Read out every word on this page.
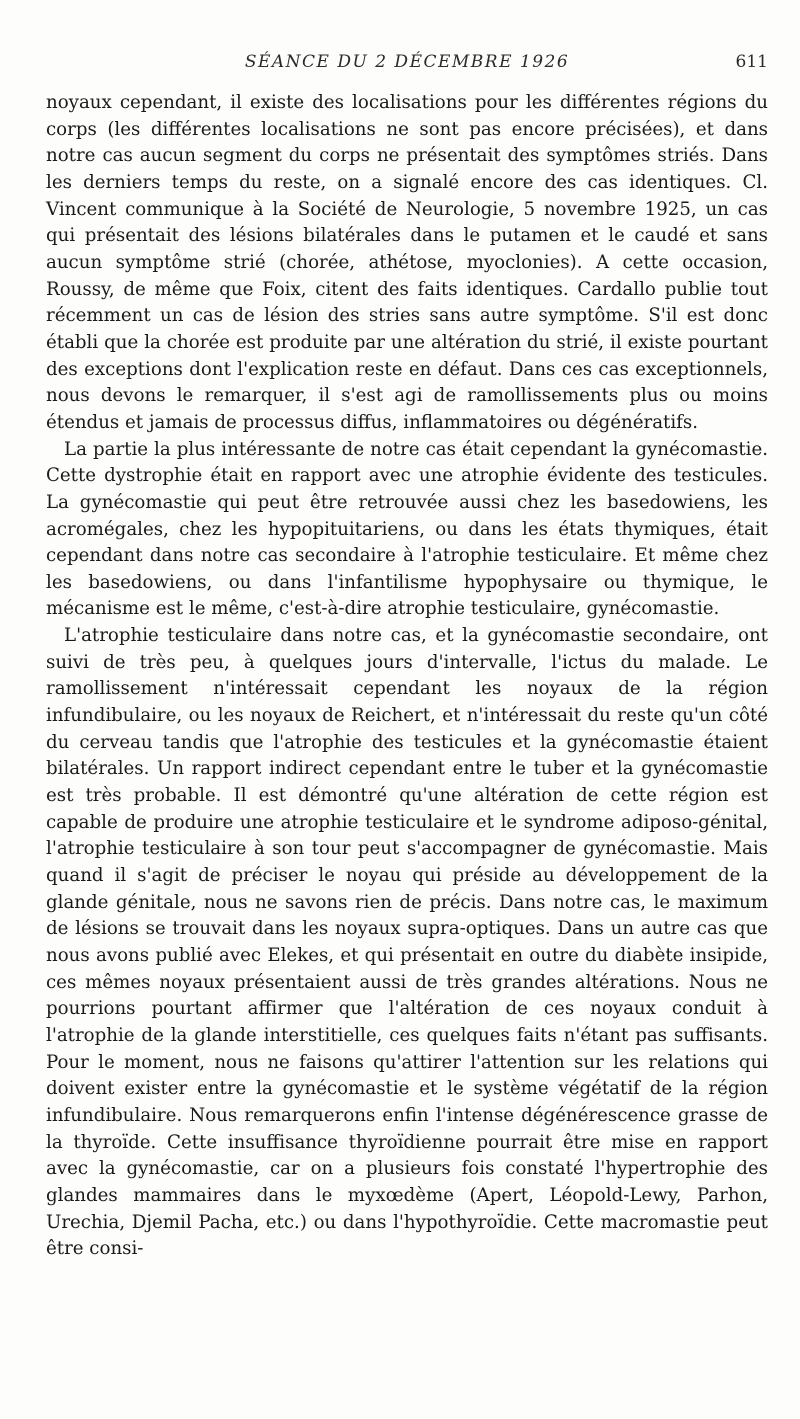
SÉANCE DU 2 DÉCEMBRE 1926	611

noyaux cependant, il existe des localisations pour les différentes régions du corps (les différentes localisations ne sont pas encore précisées), et dans notre cas aucun segment du corps ne présentait des symptômes striés. Dans les derniers temps du reste, on a signalé encore des cas identiques. Cl. Vincent communique à la Société de Neurologie, 5 novembre 1925, un cas qui présentait des lésions bilatérales dans le putamen et le caudé et sans aucun symptôme strié (chorée, athétose, myoclonies). A cette occasion, Roussy, de même que Foix, citent des faits identiques. Cardallo publie tout récemment un cas de lésion des stries sans autre symptôme. S'il est donc établi que la chorée est produite par une altération du strié, il existe pourtant des exceptions dont l'explication reste en défaut. Dans ces cas exceptionnels, nous devons le remarquer, il s'est agi de ramollissements plus ou moins étendus et jamais de processus diffus, inflammatoires ou dégénératifs.

La partie la plus intéressante de notre cas était cependant la gynécomastie. Cette dystrophie était en rapport avec une atrophie évidente des testicules. La gynécomastie qui peut être retrouvée aussi chez les basedowiens, les acromégales, chez les hypopituitariens, ou dans les états thymiques, était cependant dans notre cas secondaire à l'atrophie testiculaire. Et même chez les basedowiens, ou dans l'infantilisme hypophysaire ou thymique, le mécanisme est le même, c'est-à-dire atrophie testiculaire, gynécomastie.

L'atrophie testiculaire dans notre cas, et la gynécomastie secondaire, ont suivi de très peu, à quelques jours d'intervalle, l'ictus du malade. Le ramollissement n'intéressait cependant les noyaux de la région infundibulaire, ou les noyaux de Reichert, et n'intéressait du reste qu'un côté du cerveau tandis que l'atrophie des testicules et la gynécomastie étaient bilatérales. Un rapport indirect cependant entre le tuber et la gynécomastie est très probable. Il est démontré qu'une altération de cette région est capable de produire une atrophie testiculaire et le syndrome adiposo-génital, l'atrophie testiculaire à son tour peut s'accompagner de gynécomastie. Mais quand il s'agit de préciser le noyau qui préside au développement de la glande génitale, nous ne savons rien de précis. Dans notre cas, le maximum de lésions se trouvait dans les noyaux supra-optiques. Dans un autre cas que nous avons publié avec Elekes, et qui présentait en outre du diabète insipide, ces mêmes noyaux présentaient aussi de très grandes altérations. Nous ne pourrions pourtant affirmer que l'altération de ces noyaux conduit à l'atrophie de la glande interstitielle, ces quelques faits n'étant pas suffisants. Pour le moment, nous ne faisons qu'attirer l'attention sur les relations qui doivent exister entre la gynécomastie et le système végétatif de la région infundibulaire. Nous remarquerons enfin l'intense dégénérescence grasse de la thyroïde. Cette insuffisance thyroïdienne pourrait être mise en rapport avec la gynécomastie, car on a plusieurs fois constaté l'hypertrophie des glandes mammaires dans le myxœdème (Apert, Léopold-Lewy, Parhon, Urechia, Djemil Pacha, etc.) ou dans l'hypothyroïdie. Cette macromastie peut être consi-
